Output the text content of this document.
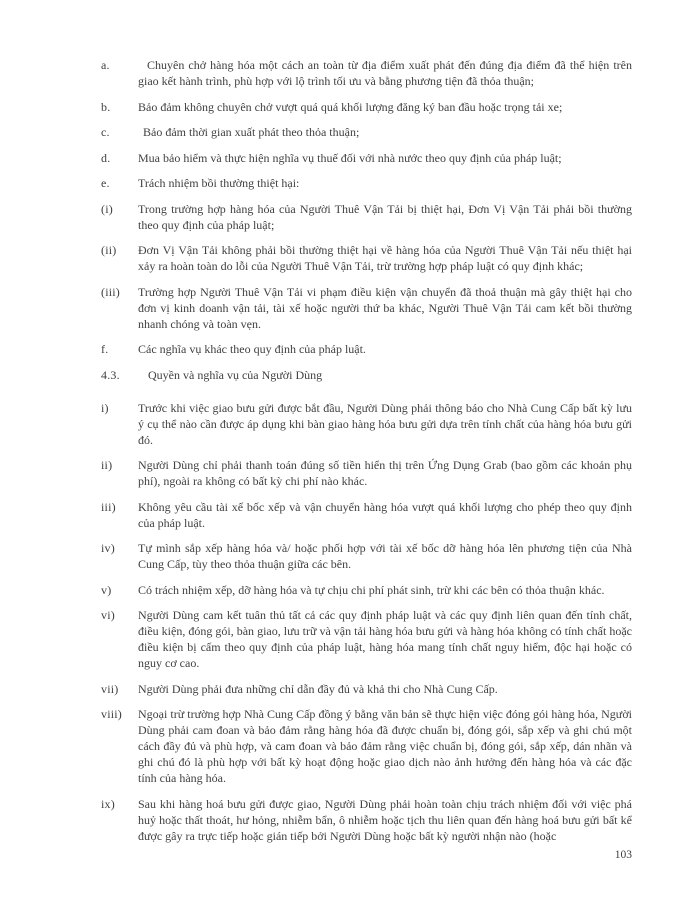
a.	Chuyên chở hàng hóa một cách an toàn từ địa điểm xuất phát đến đúng địa điểm đã thể hiện trên giao kết hành trình, phù hợp với lộ trình tối ưu và bằng phương tiện đã thỏa thuận;
b.	Bảo đảm không chuyên chở vượt quá quá khối lượng đăng ký ban đầu hoặc trọng tải xe;
c.	Bảo đảm thời gian xuất phát theo thỏa thuận;
d.	Mua bảo hiểm và thực hiện nghĩa vụ thuế đối với nhà nước theo quy định của pháp luật;
e.	Trách nhiệm bồi thường thiệt hại:
(i)	Trong trường hợp hàng hóa của Người Thuê Vận Tải bị thiệt hại, Đơn Vị Vận Tải phải bồi thường theo quy định của pháp luật;
(ii)	Đơn Vị Vận Tải không phải bồi thường thiệt hại về hàng hóa của Người Thuê Vận Tải nếu thiệt hại xảy ra hoàn toàn do lỗi của Người Thuê Vận Tải, trừ trường hợp pháp luật có quy định khác;
(iii)	Trường hợp Người Thuê Vận Tải vi phạm điều kiện vận chuyển đã thoả thuận mà gây thiệt hại cho đơn vị kinh doanh vận tải, tài xế hoặc người thứ ba khác, Người Thuê Vận Tải cam kết bồi thường nhanh chóng và toàn vẹn.
f.	Các nghĩa vụ khác theo quy định của pháp luật.
4.3.	Quyền và nghĩa vụ của Người Dùng
i)	Trước khi việc giao bưu gửi được bắt đầu, Người Dùng phải thông báo cho Nhà Cung Cấp bất kỳ lưu ý cụ thể nào cần được áp dụng khi bàn giao hàng hóa bưu gửi dựa trên tính chất của hàng hóa bưu gửi đó.
ii)	Người Dùng chỉ phải thanh toán đúng số tiền hiển thị trên Ứng Dụng Grab (bao gồm các khoản phụ phí), ngoài ra không có bất kỳ chi phí nào khác.
iii)	Không yêu cầu tài xế bốc xếp và vận chuyển hàng hóa vượt quá khối lượng cho phép theo quy định của pháp luật.
iv)	Tự mình sắp xếp hàng hóa và/ hoặc phối hợp với tài xế bốc dỡ hàng hóa lên phương tiện của Nhà Cung Cấp, tùy theo thỏa thuận giữa các bên.
v)	Có trách nhiệm xếp, dỡ hàng hóa và tự chịu chi phí phát sinh, trừ khi các bên có thỏa thuận khác.
vi)	Người Dùng cam kết tuân thủ tất cả các quy định pháp luật và các quy định liên quan đến tính chất, điều kiện, đóng gói, bàn giao, lưu trữ và vận tải hàng hóa bưu gửi và hàng hóa không có tính chất hoặc điều kiện bị cấm theo quy định của pháp luật, hàng hóa mang tính chất nguy hiểm, độc hại hoặc có nguy cơ cao.
vii)	Người Dùng phải đưa những chỉ dẫn đầy đủ và khả thi cho Nhà Cung Cấp.
viii)	Ngoại trừ trường hợp Nhà Cung Cấp đồng ý bằng văn bản sẽ thực hiện việc đóng gói hàng hóa, Người Dùng phải cam đoan và bảo đảm rằng hàng hóa đã được chuẩn bị, đóng gói, sắp xếp và ghi chú một cách đầy đủ và phù hợp, và cam đoan và bảo đảm rằng việc chuẩn bị, đóng gói, sắp xếp, dán nhãn và ghi chú đó là phù hợp với bất kỳ hoạt động hoặc giao dịch nào ảnh hưởng đến hàng hóa và các đặc tính của hàng hóa.
ix)	Sau khi hàng hoá bưu gửi được giao, Người Dùng phải hoàn toàn chịu trách nhiệm đối với việc phá huỷ hoặc thất thoát, hư hỏng, nhiễm bẩn, ô nhiễm hoặc tịch thu liên quan đến hàng hoá bưu gửi bất kể được gây ra trực tiếp hoặc gián tiếp bởi Người Dùng hoặc bất kỳ người nhận nào (hoặc
103
